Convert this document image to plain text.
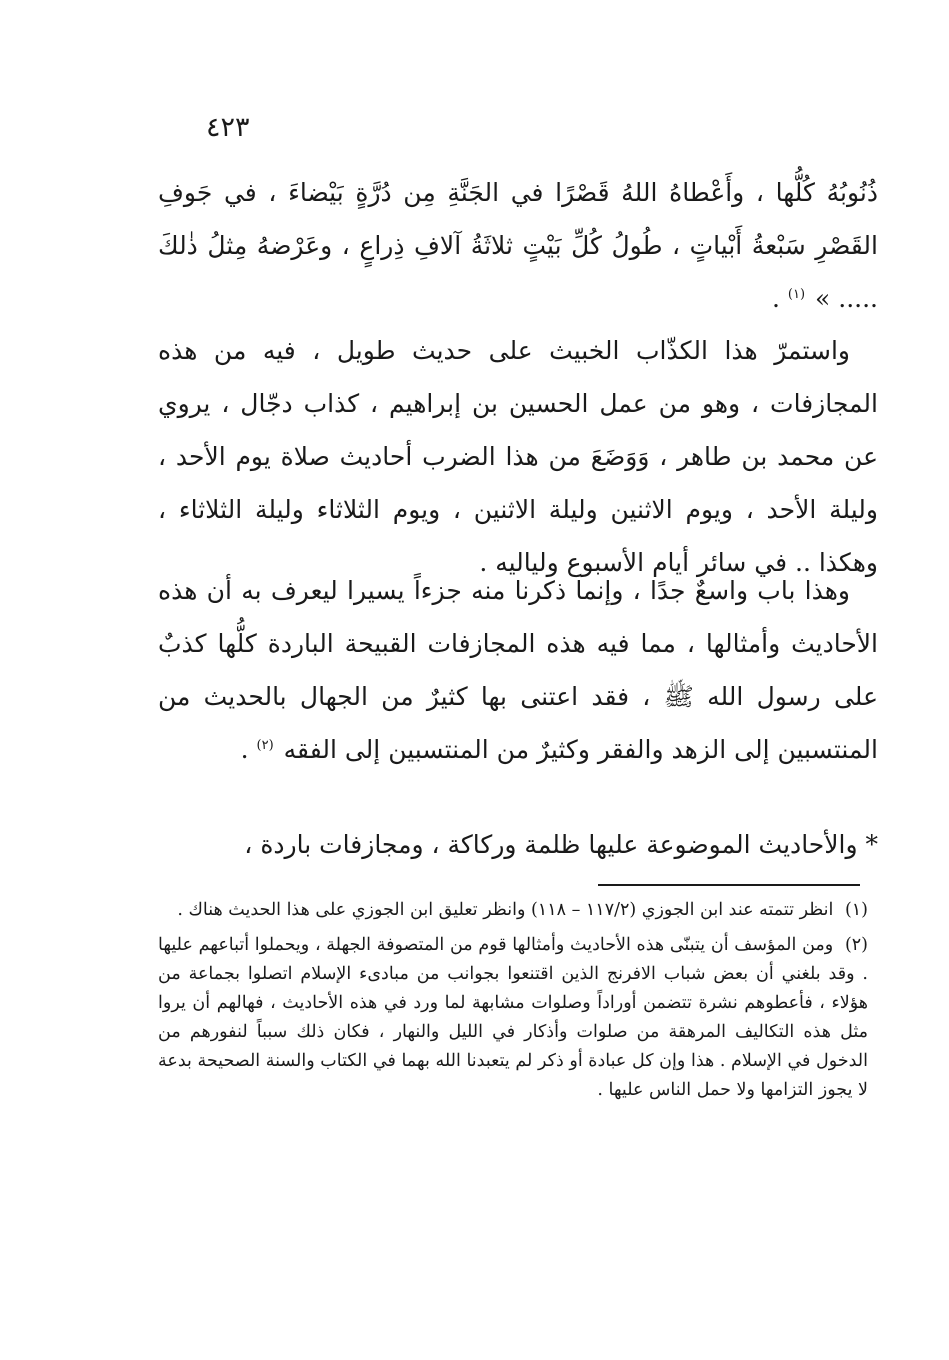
٤٢٣

ذُنُوبُهُ كُلُّها ، وأَعْطاهُ اللهُ قَصْرًا في الجَنَّةِ مِن دُرَّةٍ بَيْضاءَ ، في جَوفِ القَصْرِ سَبْعةُ أَبْياتٍ ، طُولُ كُلِّ بَيْتٍ ثلاثَةُ آلافِ ذِراعٍ ، وعَرْضهُ مِثلُ ذٰلكَ ..... » $^{(١)}$ .

واستمرّ هذا الكذّاب الخبيث على حديث طويل ، فيه من هذه المجازفات ، وهو من عمل الحسين بن إبراهيم ، كذاب دجّال ، يروي عن محمد بن طاهر ، وَوَضَعَ من هذا الضرب أحاديث صلاة يوم الأحد ، وليلة الأحد ، ويوم الاثنين وليلة الاثنين ، ويوم الثلاثاء وليلة الثلاثاء ، وهكذا .. في سائر أيام الأسبوع ولياليه .

وهذا باب واسعٌ جدًا ، وإنما ذكرنا منه جزءاً يسيرا ليعرف به أن هذه الأحاديث وأمثالها ، مما فيه هذه المجازفات القبيحة الباردة كلُّها كذبٌ على رسول الله ﷺ ، فقد اعتنى بها كثيرٌ من الجهال بالحديث من المنتسبين إلى الزهد والفقر وكثيرٌ من المنتسبين إلى الفقه $^{(٢)}$ .

* والأحاديث الموضوعة عليها ظلمة وركاكة ، ومجازفات باردة ،

(١) انظر تتمته عند ابن الجوزي (١١٧/٢ – ١١٨) وانظر تعليق ابن الجوزي على هذا الحديث هناك .

(٢) ومن المؤسف أن يتبنّى هذه الأحاديث وأمثالها قوم من المتصوفة الجهلة ، ويحملوا أتباعهم عليها . وقد بلغني أن بعض شباب الافرنج الذين اقتنعوا بجوانب من مبادىء الإسلام اتصلوا بجماعة من هؤلاء ، فأعطوهم نشرة تتضمن أوراداً وصلوات مشابهة لما ورد في هذه الأحاديث ، فهالهم أن يروا مثل هذه التكاليف المرهقة من صلوات وأذكار في الليل والنهار ، فكان ذلك سبباً لنفورهم من الدخول في الإسلام . هذا وإن كل عبادة أو ذكر لم يتعبدنا الله بهما في الكتاب والسنة الصحيحة بدعة لا يجوز التزامها ولا حمل الناس عليها .
